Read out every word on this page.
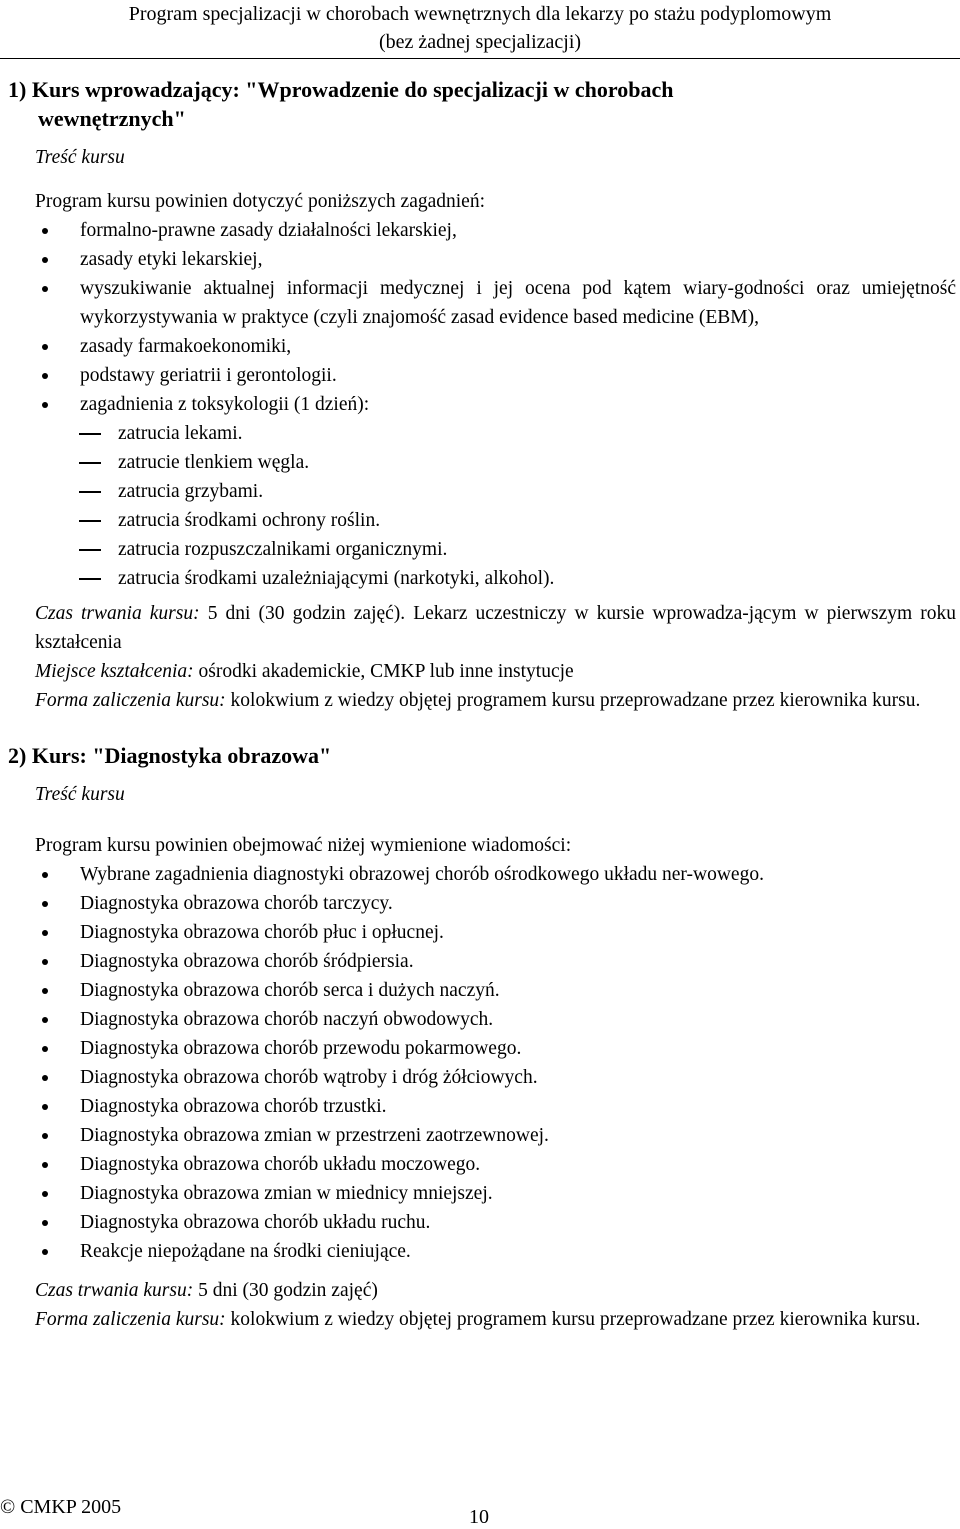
Program specjalizacji w chorobach wewnętrznych dla lekarzy po stażu podyplomowym
(bez żadnej specjalizacji)
1) Kurs wprowadzający: "Wprowadzenie do specjalizacji w chorobach
wewnętrznych"
Treść kursu
Program kursu powinien dotyczyć poniższych zagadnień:
formalno-prawne zasady działalności lekarskiej,
zasady etyki lekarskiej,
wyszukiwanie aktualnej informacji medycznej i jej ocena pod kątem wiary-godności oraz umiejętność wykorzystywania w praktyce (czyli znajomość zasad evidence based medicine (EBM),
zasady farmakoekonomiki,
podstawy geriatrii i gerontologii.
zagadnienia z toksykologii (1 dzień):
zatrucia lekami.
zatrucie tlenkiem węgla.
zatrucia grzybami.
zatrucia środkami ochrony roślin.
zatrucia rozpuszczalnikami organicznymi.
zatrucia środkami uzależniającymi (narkotyki, alkohol).
Czas trwania kursu: 5 dni (30 godzin zajęć). Lekarz uczestniczy w kursie wprowadza-jącym w pierwszym roku kształcenia
Miejsce kształcenia: ośrodki akademickie, CMKP lub inne instytucje
Forma zaliczenia kursu: kolokwium z wiedzy objętej programem kursu przeprowadzane przez kierownika kursu.
2) Kurs: "Diagnostyka obrazowa"
Treść kursu
Program kursu powinien obejmować niżej wymienione wiadomości:
Wybrane zagadnienia diagnostyki obrazowej chorób ośrodkowego układu ner-wowego.
Diagnostyka obrazowa chorób tarczycy.
Diagnostyka obrazowa chorób płuc i opłucnej.
Diagnostyka obrazowa chorób śródpiersia.
Diagnostyka obrazowa chorób serca i dużych naczyń.
Diagnostyka obrazowa chorób naczyń obwodowych.
Diagnostyka obrazowa chorób przewodu pokarmowego.
Diagnostyka obrazowa chorób wątroby i dróg żółciowych.
Diagnostyka obrazowa chorób trzustki.
Diagnostyka obrazowa zmian w przestrzeni zaotrzewnowej.
Diagnostyka obrazowa chorób układu moczowego.
Diagnostyka obrazowa zmian w miednicy mniejszej.
Diagnostyka obrazowa chorób układu ruchu.
Reakcje niepożądane na środki cieniujące.
Czas trwania kursu: 5 dni (30 godzin zajęć)
Forma zaliczenia kursu: kolokwium z wiedzy objętej programem kursu przeprowadzane przez kierownika kursu.
© CMKP 2005	10
